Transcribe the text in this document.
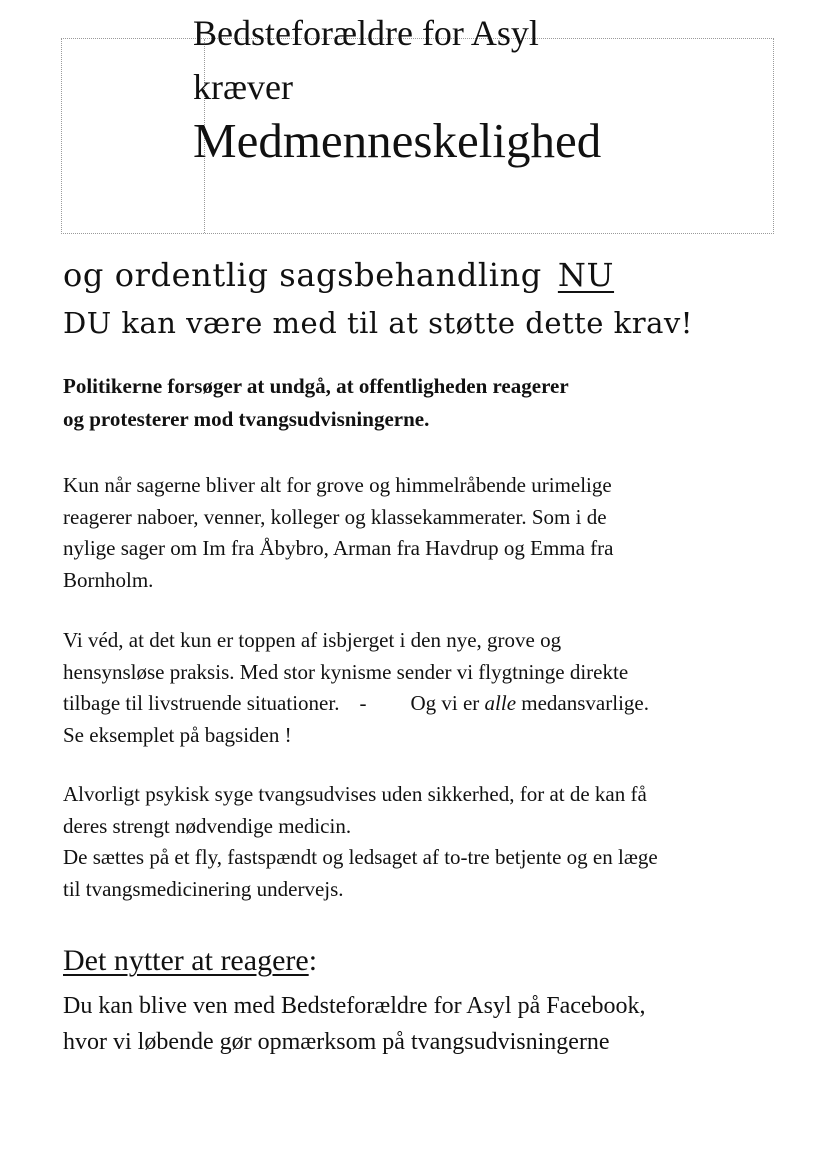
Bedsteforældre for Asyl
kræver
Medmenneskelighed
og ordentlig sagsbehandling NU
DU kan være med til at støtte dette krav!
Politikerne forsøger at undgå, at offentligheden reagerer
og protesterer mod tvangsudvisningerne.
Kun når sagerne bliver alt for grove og himmelråbende urimelige
reagerer naboer, venner, kolleger og klassekammerater. Som i de
nylige sager om Im fra Åbybro, Arman fra Havdrup og Emma fra
Bornholm.
Vi véd, at det kun er toppen af isbjerget i den nye, grove og
hensynsløse praksis. Med stor kynisme sender vi flygtninge direkte
tilbage til livstruende situationer. - Og vi er alle medansvarlige.
Se eksemplet på bagsiden !
Alvorligt psykisk syge tvangsudvises uden sikkerhed, for at de kan få
deres strengt nødvendige medicin.
De sættes på et fly, fastspændt og ledsaget af to-tre betjente og en læge
til tvangsmedicinering undervejs.
Det nytter at reagere:
Du kan blive ven med Bedsteforældre for Asyl på Facebook,
hvor vi løbende gør opmærksom på tvangsudvisningerne
